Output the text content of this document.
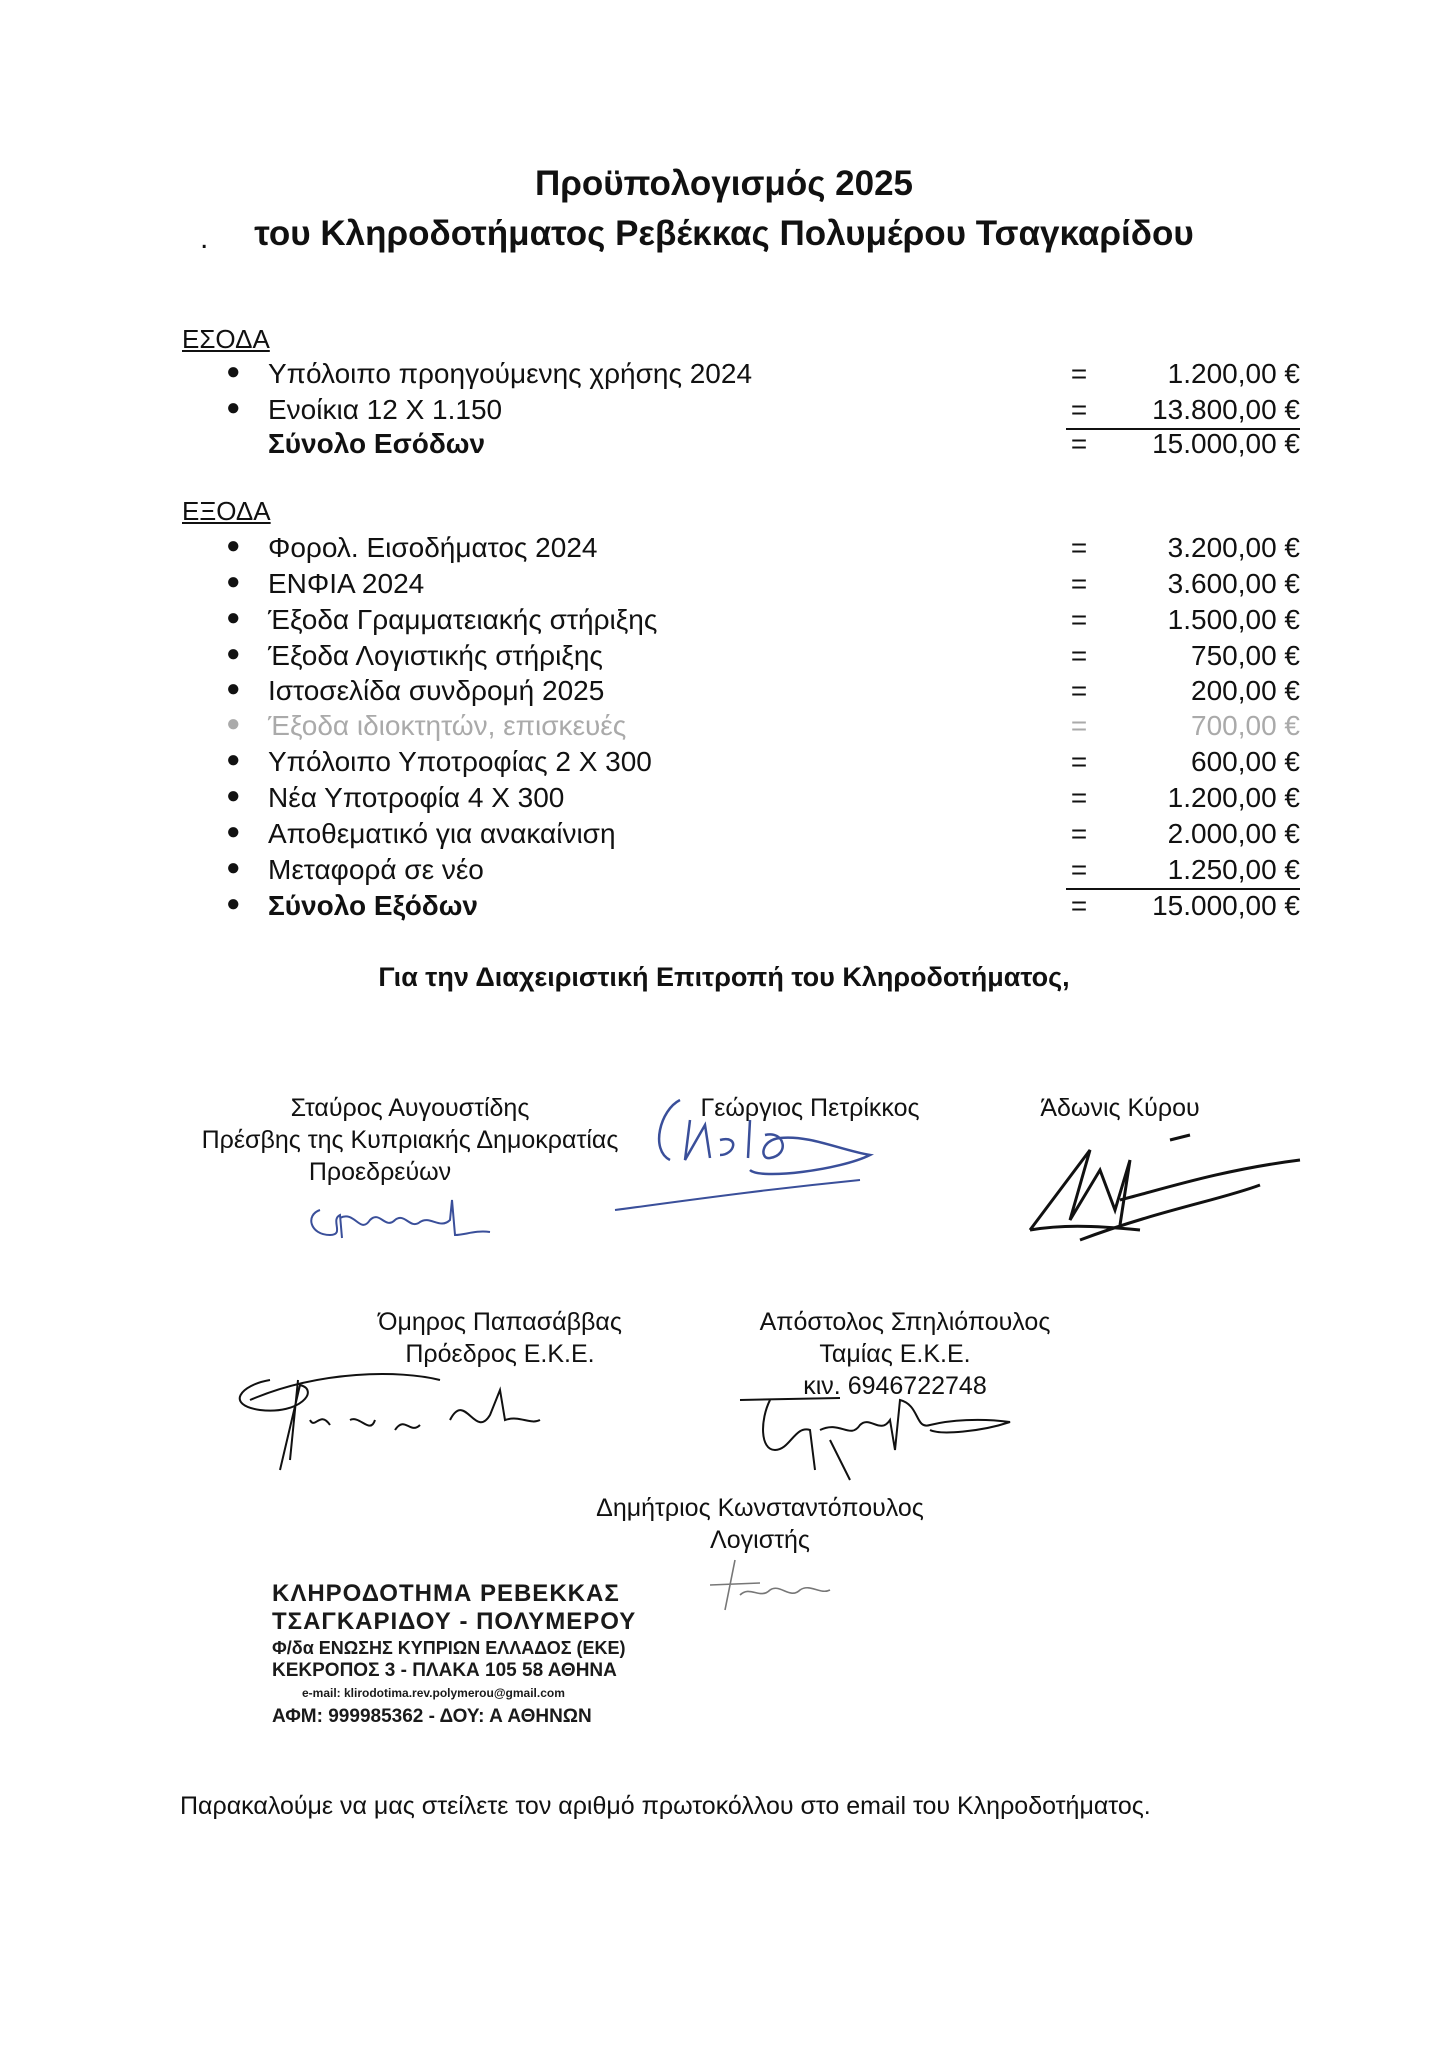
Προϋπολογισμός 2025
.	του Κληροδοτήματος Ρεβέκκας Πολυμέρου Τσαγκαρίδου
ΕΣΟΔΑ
● Υπόλοιπο προηγούμενης χρήσης 2024	=	1.200,00 €
● Ενοίκια 12 Χ 1.150	= 13.800,00 €
Σύνολο Εσόδων	= 15.000,00 €
ΕΞΟΔΑ
● Φορολ. Εισοδήματος 2024	=	3.200,00 €
● ΕΝΦΙΑ 2024	=	3.600,00 €
● Έξοδα Γραμματειακής στήριξης	=	1.500,00 €
● Έξοδα Λογιστικής στήριξης	=	750,00 €
● Ιστοσελίδα συνδρομή 2025	=	200,00 €
● Έξοδα ιδιοκτητών, επισκευές	=	700,00 €
● Υπόλοιπο Υποτροφίας 2 Χ 300	=	600,00 €
● Νέα Υποτροφία 4 Χ 300	=	1.200,00 €
● Αποθεματικό για ανακαίνιση	=	2.000,00 €
● Μεταφορά σε νέο	=	1.250,00 €
● Σύνολο Εξόδων	= 15.000,00 €
Για την Διαχειριστική Επιτροπή του Κληροδοτήματος,
Σταύρος Αυγουστίδης
Πρέσβης της Κυπριακής Δημοκρατίας
Προεδρεύων
Γεώργιος Πετρίκκος	Άδωνις Κύρου
Όμηρος Παπασάββας
Πρόεδρος Ε.Κ.Ε.
Απόστολος Σπηλιόπουλος
Ταμίας Ε.Κ.Ε.
κιν. 6946722748
Δημήτριος Κωνσταντόπουλος
Λογιστής
ΚΛΗΡΟΔΟΤΗΜΑ ΡΕΒΕΚΚΑΣ
ΤΣΑΓΚΑΡΙΔΟΥ - ΠΟΛΥΜΕΡΟΥ
Φ/δα ΕΝΩΣΗΣ ΚΥΠΡΙΩΝ ΕΛΛΑΔΟΣ (ΕΚΕ)
ΚΕΚΡΟΠΟΣ 3 - ΠΛΑΚΑ 105 58 ΑΘΗΝΑ
e-mail: klirodotima.rev.polymerou@gmail.com
ΑΦΜ: 999985362 - ΔΟΥ: Α ΑΘΗΝΩΝ
Παρακαλούμε να μας στείλετε τον αριθμό πρωτοκόλλου στο email του Κληροδοτήματος.
